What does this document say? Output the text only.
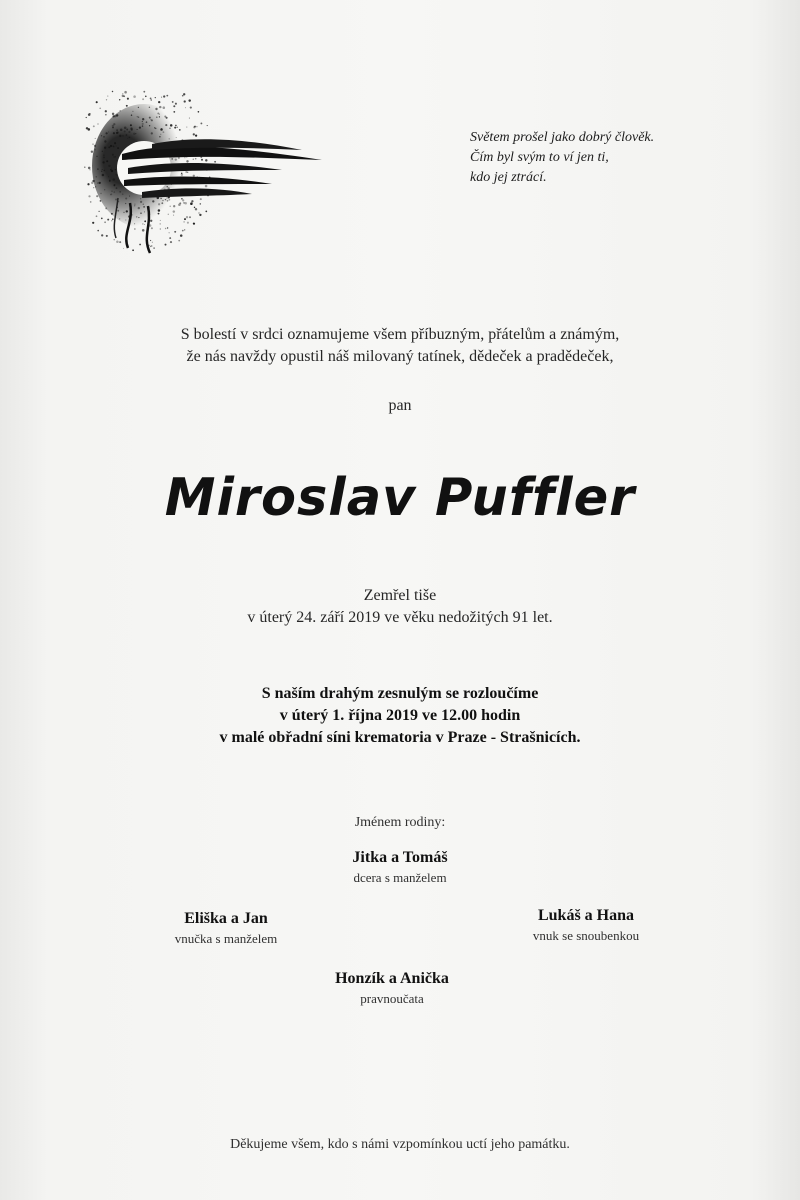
Světem prošel jako dobrý člověk.
Čím byl svým to ví jen ti,
kdo jej ztrácí.
S bolestí v srdci oznamujeme všem příbuzným, přátelům a známým,
že nás navždy opustil náš milovaný tatínek, dědeček a pradědeček,
pan
Miroslav Puffler
Zemřel tiše
v úterý 24. září 2019 ve věku nedožitých 91 let.
S naším drahým zesnulým se rozloučíme
v úterý 1. října 2019 ve 12.00 hodin
v malé obřadní síni krematoria v Praze - Strašnicích.
Jménem rodiny:
Jitka a Tomáš
dcera s manželem
Eliška a Jan
vnučka s manželem
Lukáš a Hana
vnuk se snoubenkou
Honzík a Anička
pravnoučata
Děkujeme všem, kdo s námi vzpomínkou uctí jeho památku.
